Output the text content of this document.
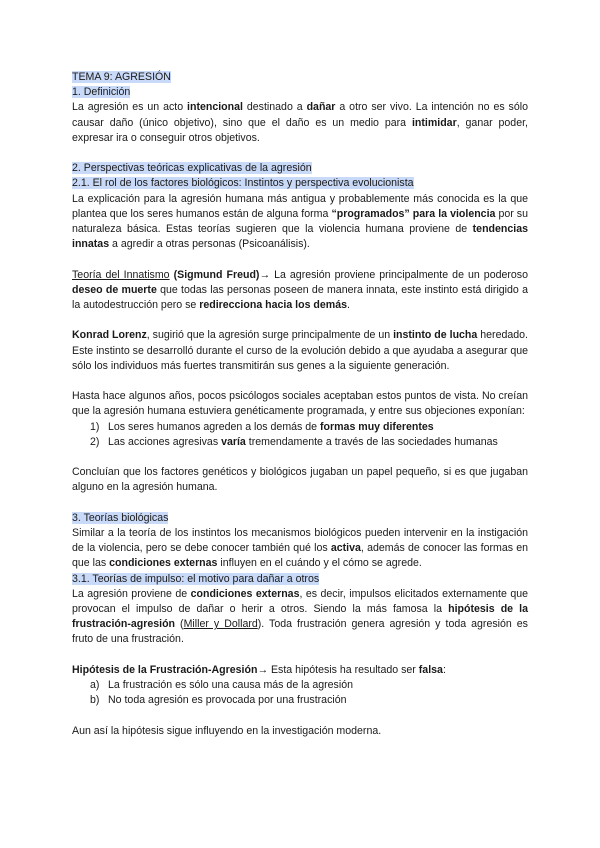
TEMA 9: AGRESIÓN
1. Definición

La agresión es un acto intencional destinado a dañar a otro ser vivo. La intención no es sólo causar daño (único objetivo), sino que el daño es un medio para intimidar, ganar poder, expresar ira o conseguir otros objetivos.

2. Perspectivas teóricas explicativas de la agresión
2.1. El rol de los factores biológicos: Instintos y perspectiva evolucionista

La explicación para la agresión humana más antigua y probablemente más conocida es la que plantea que los seres humanos están de alguna forma “programados” para la violencia por su naturaleza básica. Estas teorías sugieren que la violencia humana proviene de tendencias innatas a agredir a otras personas (Psicoanálisis).

Teoría del Innatismo (Sigmund Freud)→ La agresión proviene principalmente de un poderoso deseo de muerte que todas las personas poseen de manera innata, este instinto está dirigido a la autodestrucción pero se redirecciona hacia los demás.

Konrad Lorenz, sugirió que la agresión surge principalmente de un instinto de lucha heredado. Este instinto se desarrolló durante el curso de la evolución debido a que ayudaba a asegurar que sólo los individuos más fuertes transmitirán sus genes a la siguiente generación.

Hasta hace algunos años, pocos psicólogos sociales aceptaban estos puntos de vista. No creían que la agresión humana estuviera genéticamente programada, y entre sus objeciones exponían:

1) Los seres humanos agreden a los demás de formas muy diferentes
2) Las acciones agresivas varía tremendamente a través de las sociedades humanas

Concluían que los factores genéticos y biológicos jugaban un papel pequeño, si es que jugaban alguno en la agresión humana.

3. Teorías biológicas

Similar a la teoría de los instintos los mecanismos biológicos pueden intervenir en la instigación de la violencia, pero se debe conocer también qué los activa, además de conocer las formas en que las condiciones externas influyen en el cuándo y el cómo se agrede.

3.1. Teorías de impulso: el motivo para dañar a otros

La agresión proviene de condiciones externas, es decir, impulsos elicitados externamente que provocan el impulso de dañar o herir a otros. Siendo la más famosa la hipótesis de la frustración-agresión (Miller y Dollard). Toda frustración genera agresión y toda agresión es fruto de una frustración.

Hipótesis de la Frustración-Agresión→ Esta hipótesis ha resultado ser falsa:

a) La frustración es sólo una causa más de la agresión
b) No toda agresión es provocada por una frustración

Aun así la hipótesis sigue influyendo en la investigación moderna.
